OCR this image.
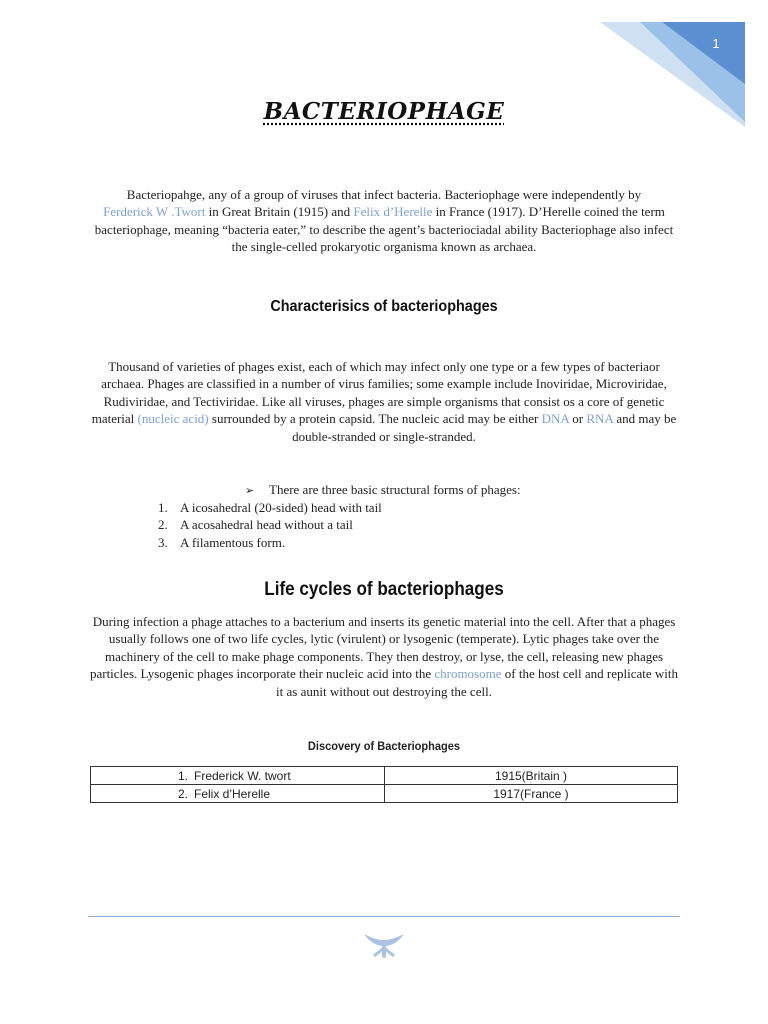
1
BACTERIOPHAGE

Bacteriopahge, any of a group of viruses that infect bacteria. Bacteriophage were independently by
Ferderick W .Twort in Great Britain (1915) and Felix d’Herelle in France (1917). D’Herelle coined the term bacteriophage, meaning “bacteria eater,” to describe the agent’s bacteriociadal ability Bacteriophage also infect the single-celled prokaryotic organisma known as archaea.

Characterisics of bacteriophages

Thousand of varieties of phages exist, each of which may infect only one type or a few types of bacteriaor archaea. Phages are classified in a number of virus families; some example include Inoviridae, Microviridae, Rudiviridae, and Tectiviridae. Like all viruses, phages are simple organisms that consist os a core of genetic material (nucleic acid) surrounded by a protein capsid. The nucleic acid may be either DNA or RNA and may be double-stranded or single-stranded.

➢ There are three basic structural forms of phages:
1. A icosahedral (20-sided) head with tail
2. A acosahedral head without a tail
3. A filamentous form.
Life cycles of bacteriophages

During infection a phage attaches to a bacterium and inserts its genetic material into the cell. After that a phages usually follows one of two life cycles, lytic (virulent) or lysogenic (temperate). Lytic phages take over the machinery of the cell to make phage components. They then destroy, or lyse, the cell, releasing new phages particles. Lysogenic phages incorporate their nucleic acid into the chromosome of the host cell and replicate with it as aunit without out destroying the cell.

Discovery of Bacteriophages
1. Frederick W. twort	1915(Britain )
2. Felix d’Herelle	1917(France )
